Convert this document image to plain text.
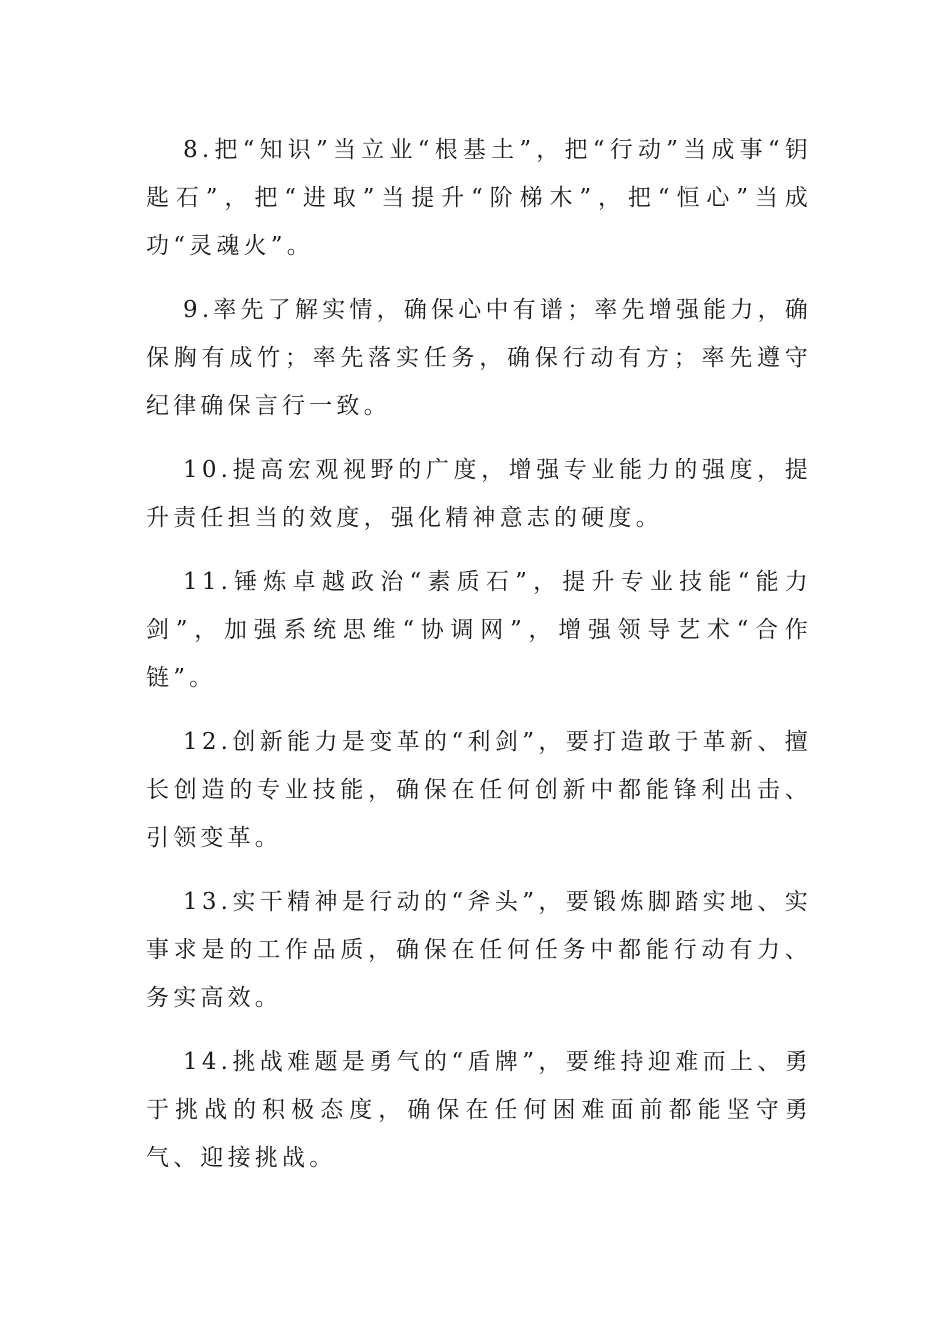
8.把“知识”当立业“根基土”，把“行动”当成事“钥匙石”，把“进取”当提升“阶梯木”，把“恒心”当成功“灵魂火”。

9.率先了解实情，确保心中有谱；率先增强能力，确保胸有成竹；率先落实任务，确保行动有方；率先遵守纪律确保言行一致。

10.提高宏观视野的广度，增强专业能力的强度，提升责任担当的效度，强化精神意志的硬度。

11.锤炼卓越政治“素质石”，提升专业技能“能力剑”，加强系统思维“协调网”，增强领导艺术“合作链”。

12.创新能力是变革的“利剑”，要打造敢于革新、擅长创造的专业技能，确保在任何创新中都能锋利出击、引领变革。

13.实干精神是行动的“斧头”，要锻炼脚踏实地、实事求是的工作品质，确保在任何任务中都能行动有力、务实高效。

14.挑战难题是勇气的“盾牌”，要维持迎难而上、勇于挑战的积极态度，确保在任何困难面前都能坚守勇气、迎接挑战。
